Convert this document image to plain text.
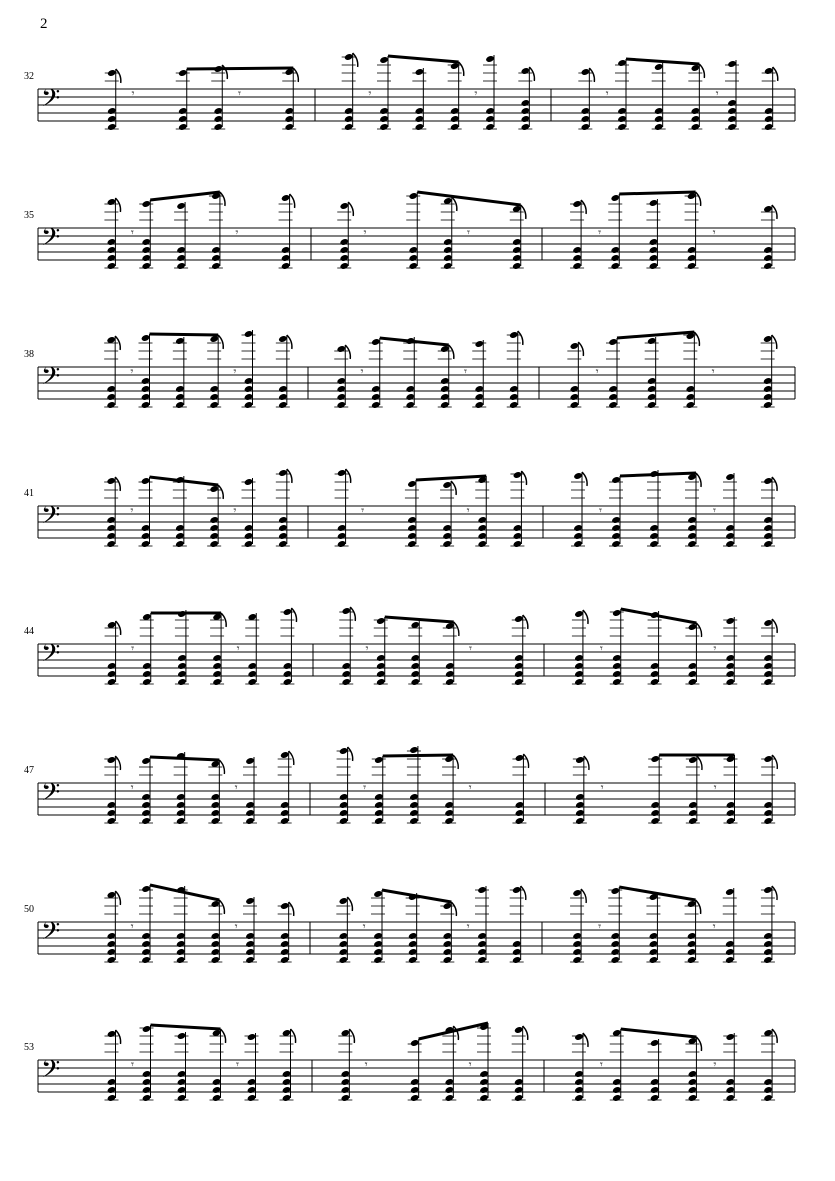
2
32
𝄢	𝄾	𝄾	𝄾	𝄾	𝄾	𝄾
35
𝄢	𝄾	𝄾	𝄾	𝄾	𝄾	𝄾
38
𝄢	𝄾	𝄾	𝄾	𝄾	𝄾	𝄾
41
𝄢	𝄾	𝄾	𝄾	𝄾	𝄾	𝄾
44
𝄢	𝄾	𝄾	𝄾	𝄾	𝄾	𝄾
47
𝄢	𝄾	𝄾	𝄾	𝄾	𝄾	𝄾
50
𝄢	𝄾	𝄾	𝄾	𝄾	𝄾	𝄾
53
𝄢	𝄾	𝄾	𝄾	𝄾	𝄾	𝄾
